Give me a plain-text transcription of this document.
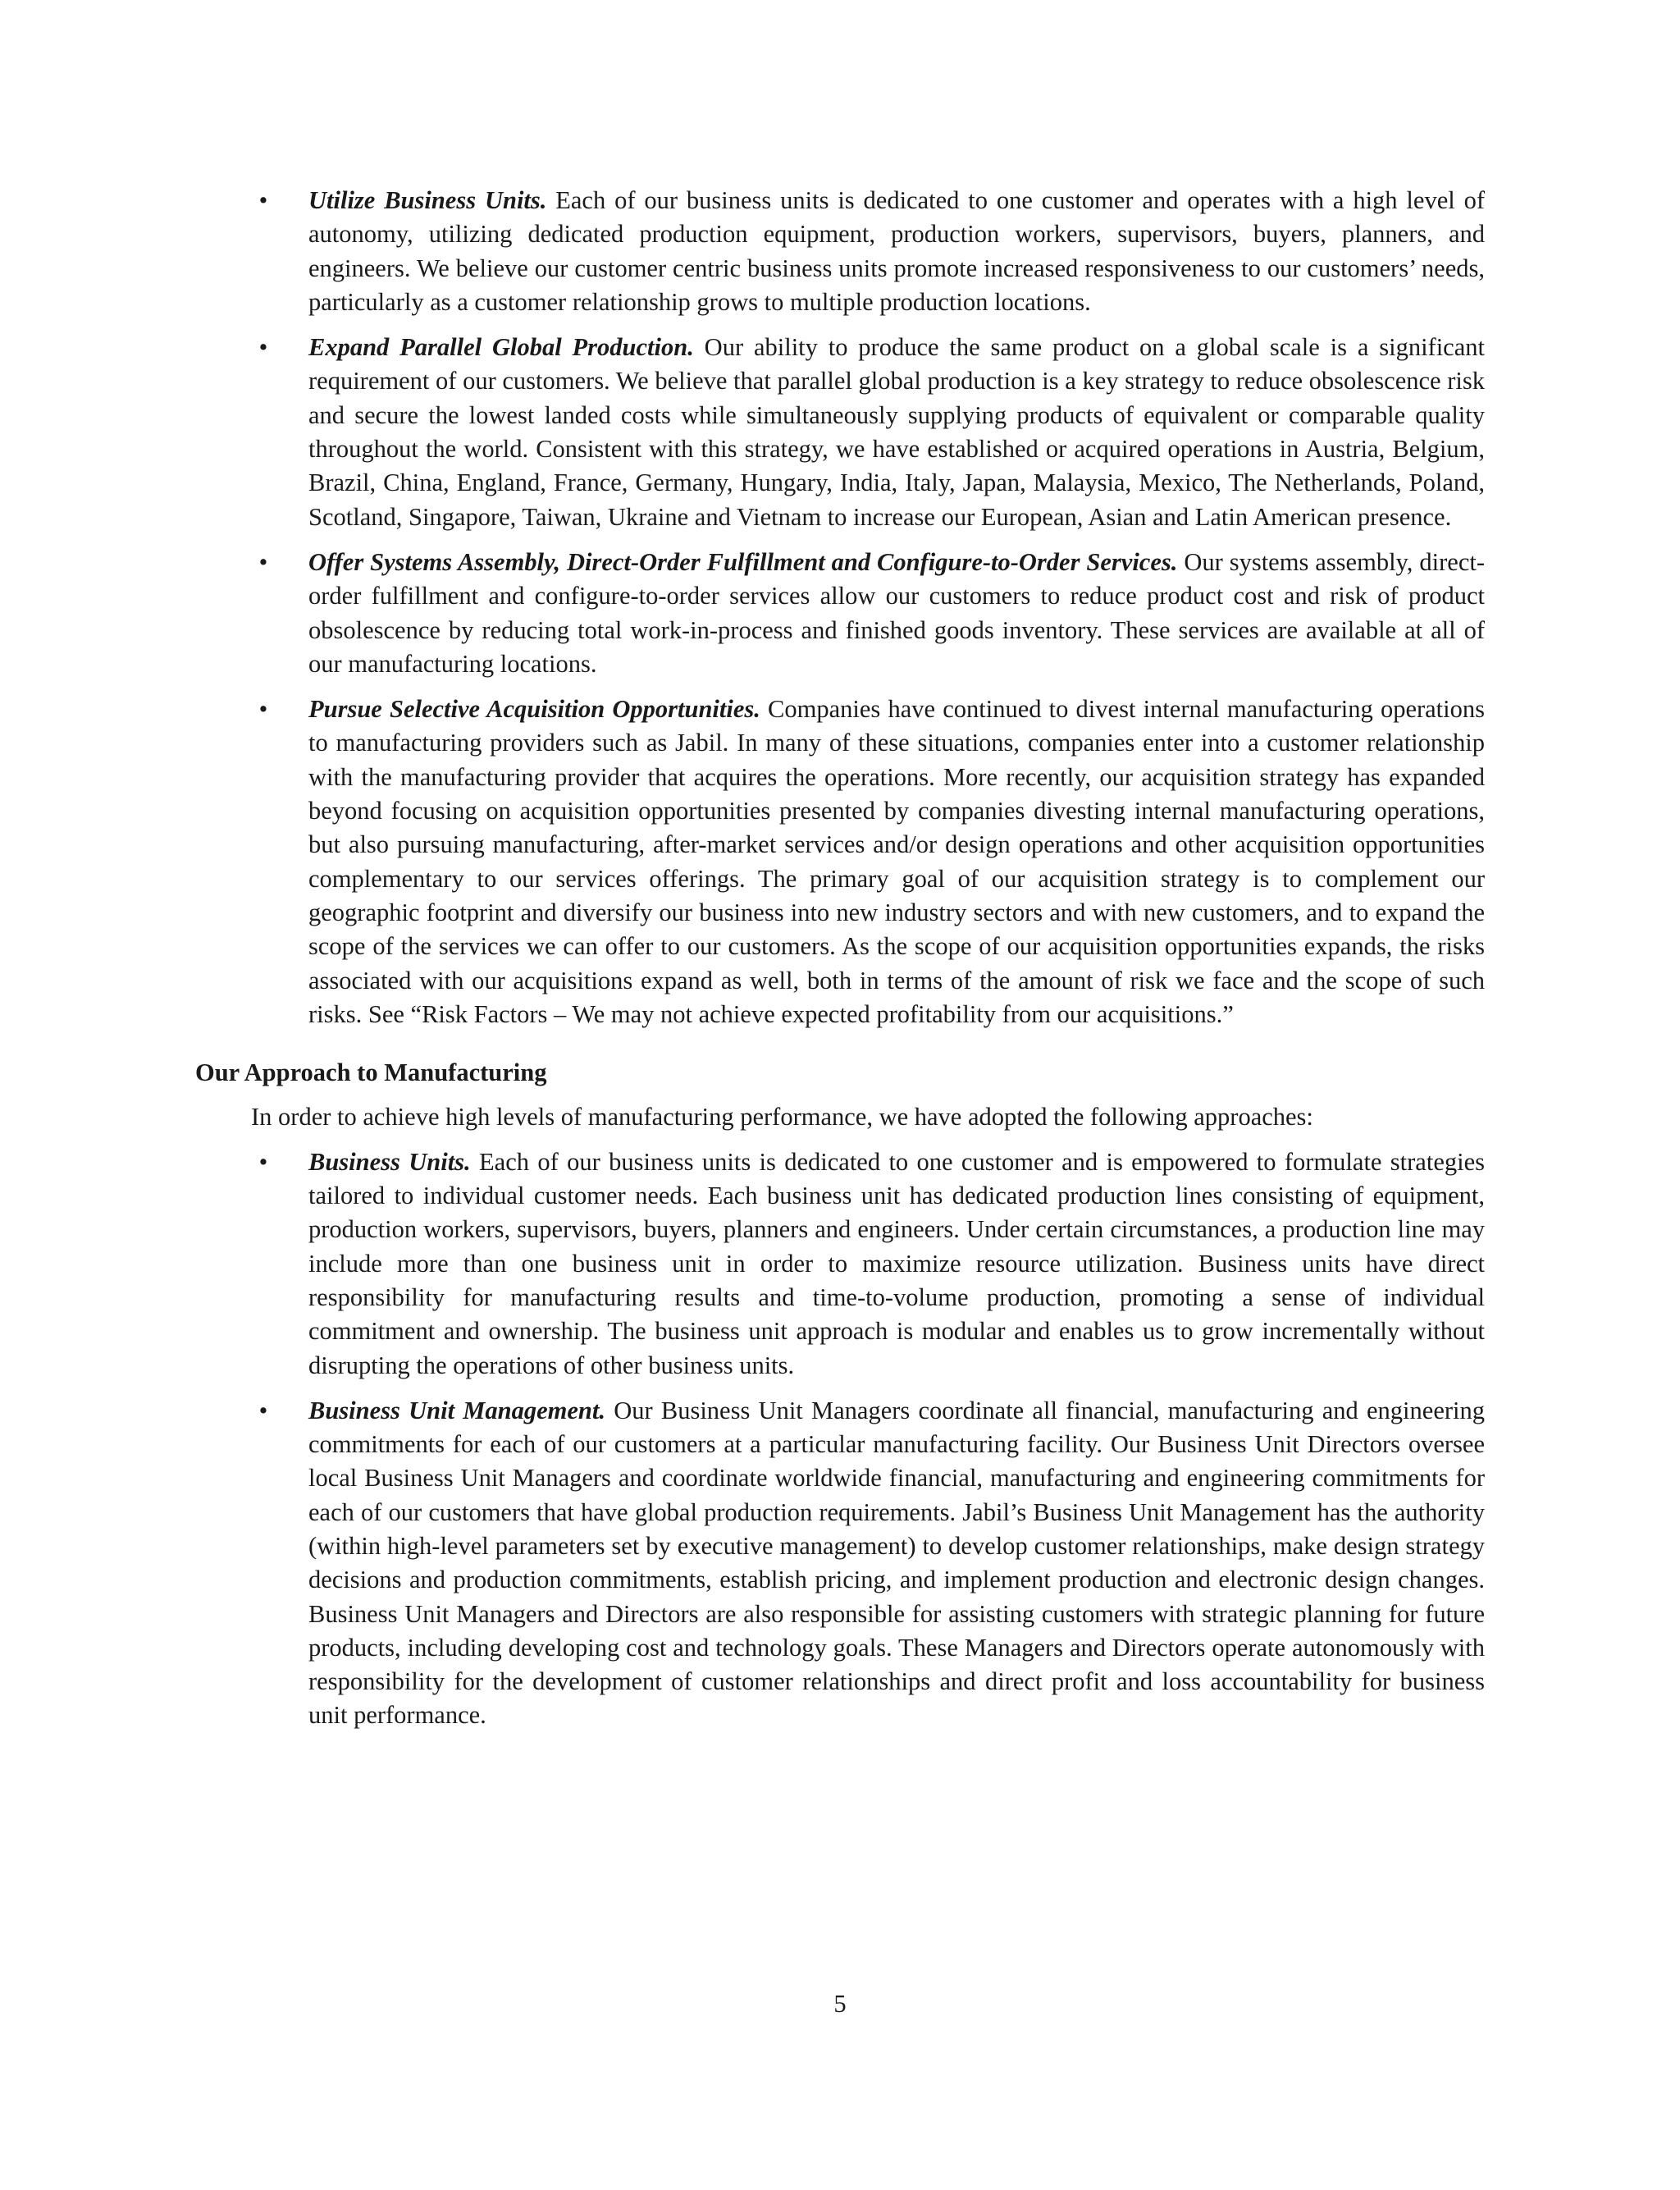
•	Utilize Business Units. Each of our business units is dedicated to one customer and operates with a high level of autonomy, utilizing dedicated production equipment, production workers, supervisors, buyers, planners, and engineers. We believe our customer centric business units promote increased responsiveness to our customers’ needs, particularly as a customer relationship grows to multiple production locations.
•	Expand Parallel Global Production. Our ability to produce the same product on a global scale is a significant requirement of our customers. We believe that parallel global production is a key strategy to reduce obsolescence risk and secure the lowest landed costs while simultaneously supplying products of equivalent or comparable quality throughout the world. Consistent with this strategy, we have established or acquired operations in Austria, Belgium, Brazil, China, England, France, Germany, Hungary, India, Italy, Japan, Malaysia, Mexico, The Netherlands, Poland, Scotland, Singapore, Taiwan, Ukraine and Vietnam to increase our European, Asian and Latin American presence.
•	Offer Systems Assembly, Direct-Order Fulfillment and Configure-to-Order Services. Our systems assembly, direct-order fulfillment and configure-to-order services allow our customers to reduce product cost and risk of product obsolescence by reducing total work-in-process and finished goods inventory. These services are available at all of our manufacturing locations.
•	Pursue Selective Acquisition Opportunities. Companies have continued to divest internal manufacturing operations to manufacturing providers such as Jabil. In many of these situations, companies enter into a customer relationship with the manufacturing provider that acquires the operations. More recently, our acquisition strategy has expanded beyond focusing on acquisition opportunities presented by companies divesting internal manufacturing operations, but also pursuing manufacturing, after-market services and/or design operations and other acquisition opportunities complementary to our services offerings. The primary goal of our acquisition strategy is to complement our geographic footprint and diversify our business into new industry sectors and with new customers, and to expand the scope of the services we can offer to our customers. As the scope of our acquisition opportunities expands, the risks associated with our acquisitions expand as well, both in terms of the amount of risk we face and the scope of such risks. See “Risk Factors – We may not achieve expected profitability from our acquisitions.”
Our Approach to Manufacturing

In order to achieve high levels of manufacturing performance, we have adopted the following approaches:

•	Business Units. Each of our business units is dedicated to one customer and is empowered to formulate strategies tailored to individual customer needs. Each business unit has dedicated production lines consisting of equipment, production workers, supervisors, buyers, planners and engineers. Under certain circumstances, a production line may include more than one business unit in order to maximize resource utilization. Business units have direct responsibility for manufacturing results and time-to-volume production, promoting a sense of individual commitment and ownership. The business unit approach is modular and enables us to grow incrementally without disrupting the operations of other business units.
•	Business Unit Management. Our Business Unit Managers coordinate all financial, manufacturing and engineering commitments for each of our customers at a particular manufacturing facility. Our Business Unit Directors oversee local Business Unit Managers and coordinate worldwide financial, manufacturing and engineering commitments for each of our customers that have global production requirements. Jabil’s Business Unit Management has the authority (within high-level parameters set by executive management) to develop customer relationships, make design strategy decisions and production commitments, establish pricing, and implement production and electronic design changes. Business Unit Managers and Directors are also responsible for assisting customers with strategic planning for future products, including developing cost and technology goals. These Managers and Directors operate autonomously with responsibility for the development of customer relationships and direct profit and loss accountability for business unit performance.
5
